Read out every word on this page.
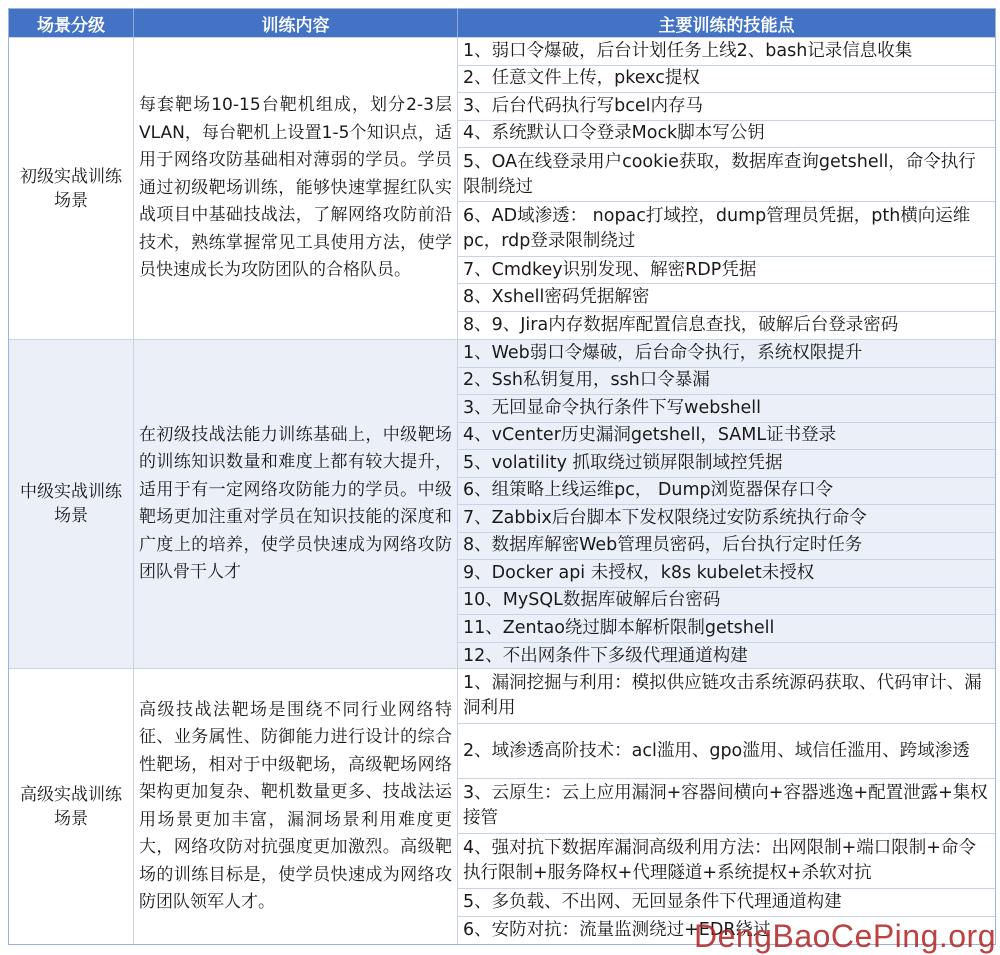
场景分级	训练内容	主要训练的技能点
初级实战训练场景
每套靶场10-15台靶机组成，划分2-3层VLAN，每台靶机上设置1-5个知识点，适用于网络攻防基础相对薄弱的学员。学员通过初级靶场训练，能够快速掌握红队实战项目中基础技战法，了解网络攻防前沿技术，熟练掌握常见工具使用方法，使学员快速成长为攻防团队的合格队员。
1、弱口令爆破，后台计划任务上线2、bash记录信息收集
2、任意文件上传，pkexc提权
3、后台代码执行写bcel内存马
4、系统默认口令登录Mock脚本写公钥
5、OA在线登录用户cookie获取，数据库查询getshell，命令执行限制绕过
6、AD域渗透： nopac打域控，dump管理员凭据，pth横向运维pc，rdp登录限制绕过
7、Cmdkey识别发现、解密RDP凭据
8、Xshell密码凭据解密
8、9、Jira内存数据库配置信息查找，破解后台登录密码
中级实战训练场景
在初级技战法能力训练基础上，中级靶场的训练知识数量和难度上都有较大提升，适用于有一定网络攻防能力的学员。中级靶场更加注重对学员在知识技能的深度和广度上的培养，使学员快速成为网络攻防团队骨干人才
1、Web弱口令爆破，后台命令执行，系统权限提升
2、Ssh私钥复用，ssh口令暴漏
3、无回显命令执行条件下写webshell
4、vCenter历史漏洞getshell，SAML证书登录
5、volatility 抓取绕过锁屏限制域控凭据
6、组策略上线运维pc， Dump浏览器保存口令
7、Zabbix后台脚本下发权限绕过安防系统执行命令
8、数据库解密Web管理员密码，后台执行定时任务
9、Docker api 未授权，k8s kubelet未授权
10、MySQL数据库破解后台密码
11、Zentao绕过脚本解析限制getshell
12、不出网条件下多级代理通道构建
高级实战训练场景
高级技战法靶场是围绕不同行业网络特征、业务属性、防御能力进行设计的综合性靶场，相对于中级靶场，高级靶场网络架构更加复杂、靶机数量更多、技战法运用场景更加丰富，漏洞场景利用难度更大，网络攻防对抗强度更加激烈。高级靶场的训练目标是，使学员快速成为网络攻防团队领军人才。
1、漏洞挖掘与利用：模拟供应链攻击系统源码获取、代码审计、漏洞利用
2、域渗透高阶技术：acl滥用、gpo滥用、域信任滥用、跨域渗透
3、云原生：云上应用漏洞+容器间横向+容器逃逸+配置泄露+集权接管
4、强对抗下数据库漏洞高级利用方法：出网限制+端口限制+命令执行限制+服务降权+代理隧道+系统提权+杀软对抗
5、多负载、不出网、无回显条件下代理通道构建
6、安防对抗：流量监测绕过+EDR绕过
DengBaoCePing.org
